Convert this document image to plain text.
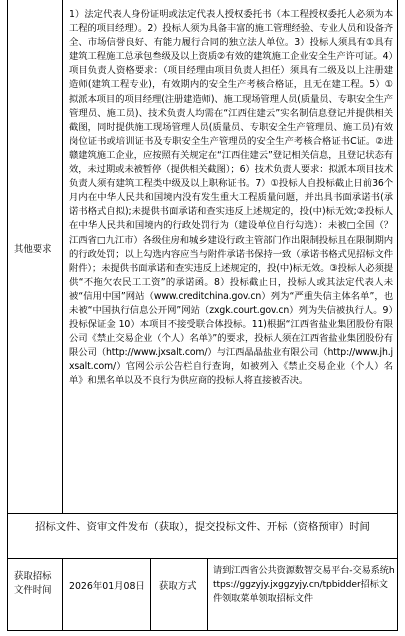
其他要求
1）法定代表人身份证明或法定代表人授权委托书（本工程授权委托人必须为本工程的项目经理）。2）投标人须为具备丰富的施工管理经验、专业人员和设备齐全、市场信誉良好、有能力履行合同的独立法人单位。3）投标人须具有①具有建筑工程施工总承包叁级及以上资质②有效的建筑施工企业安全生产许可证。4）项目负责人资格要求：（项目经理由项目负责人担任）须具有二级及以上注册建造师(建筑工程专业)，有效期内的安全生产考核合格证，且无在建工程。5）①拟派本项目的项目经理(注册建造师)、施工现场管理人员(质量员、专职安全生产管理员、施工员)、技术负责人均需在“江西住建云”实名制信息登记并提供相关截图，同时提供施工现场管理人员(质量员、专职安全生产管理员、施工员)有效岗位证书或培训证书及专职安全生产管理员的安全生产考核合格证书C证。②进赣建筑施工企业，应按照有关规定在“江西住建云”登记相关信息，且登记状态有效，未过期或未被暂停（提供相关截图）；6）技术负责人要求：拟派本项目技术负责人须有建筑工程类中级及以上职称证书。7）①投标人自投标截止日前36个月内在中华人民共和国境内没有发生重大工程质量问题，并出具书面承诺书(承诺书格式自拟);未提供书面承诺和查实违反上述规定的，投(中)标无效;②投标人在中华人民共和国境内的行政处罚行为（建设单位自行勾选）：未被□全国（？江西省□九江市）各级住房和城乡建设行政主管部门作出限制投标且在限制期内的行政处罚；以上勾选内容应当与附件承诺书保持一致（承诺书格式见招标文件附件）；未提供书面承诺和查实违反上述规定的，投(中)标无效。③投标人必须提供“不拖欠农民工工资”的承诺函。8）投标截止日，投标人或其法定代表人未被“信用中国”网站（www.creditchina.gov.cn）列为“严重失信主体名单”，也未被“中国执行信息公开网”网站（zxgk.court.gov.cn）列为失信被执行人。9）投标保证金 10）本项目不接受联合体投标。11)根据“江西省盐业集团股份有限公司《禁止交易企业（个人）名单》”的要求，投标人须在江西省盐业集团股份有限公司（http://www.jxsalt.com/）与江西晶晶盐业有限公司（http://www.jh.jxsalt.com/）官网公示公告栏自行查询，如被列入《禁止交易企业（个人）名单》和黑名单以及不良行为供应商的投标人将直接被否决。
招标文件、资审文件发布（获取），提交投标文件、开标（资格预审）时间
获取招标文件时间	2026年01月08日 获取方式
请到江西省公共资源数智交易平台-交易系统https://ggzyjy.jxggzyjy.cn/tpbidder招标文件领取菜单领取招标文件
